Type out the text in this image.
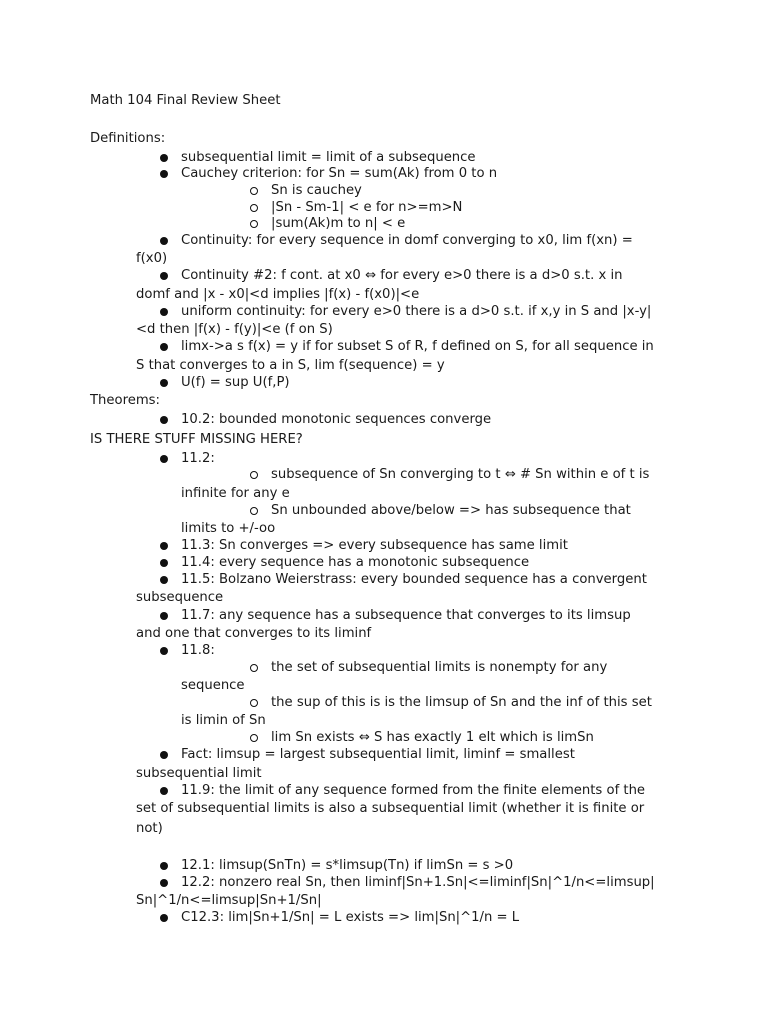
Math 104 Final Review Sheet
Definitions:
subsequential limit = limit of a subsequence
Cauchey criterion: for Sn = sum(Ak) from 0 to n
Sn is cauchey
|Sn - Sm-1| < e for n>=m>N
|sum(Ak)m to n| < e
Continuity: for every sequence in domf converging to x0, lim f(xn) =
f(x0)
Continuity #2: f cont. at x0 ⇔ for every e>0 there is a d>0 s.t. x in
domf and |x - x0|<d implies |f(x) - f(x0)|<e
uniform continuity: for every e>0 there is a d>0 s.t. if x,y in S and |x-y|
<d then |f(x) - f(y)|<e (f on S)
limx->a s f(x) = y if for subset S of R, f defined on S, for all sequence in
S that converges to a in S, lim f(sequence) = y
U(f) = sup U(f,P)
Theorems:
10.2: bounded monotonic sequences converge
IS THERE STUFF MISSING HERE?
11.2:
subsequence of Sn converging to t ⇔ # Sn within e of t is
infinite for any e
Sn unbounded above/below => has subsequence that
limits to +/-oo
11.3: Sn converges => every subsequence has same limit
11.4: every sequence has a monotonic subsequence
11.5: Bolzano Weierstrass: every bounded sequence has a convergent
subsequence
11.7: any sequence has a subsequence that converges to its limsup
and one that converges to its liminf
11.8:
the set of subsequential limits is nonempty for any
sequence
the sup of this is is the limsup of Sn and the inf of this set
is limin of Sn
lim Sn exists ⇔ S has exactly 1 elt which is limSn
Fact: limsup = largest subsequential limit, liminf = smallest
subsequential limit
11.9: the limit of any sequence formed from the finite elements of the
set of subsequential limits is also a subsequential limit (whether it is finite or
not)
12.1: limsup(SnTn) = s*limsup(Tn) if limSn = s >0
12.2: nonzero real Sn, then liminf|Sn+1.Sn|<=liminf|Sn|^1/n<=limsup|
Sn|^1/n<=limsup|Sn+1/Sn|
C12.3: lim|Sn+1/Sn| = L exists => lim|Sn|^1/n = L
